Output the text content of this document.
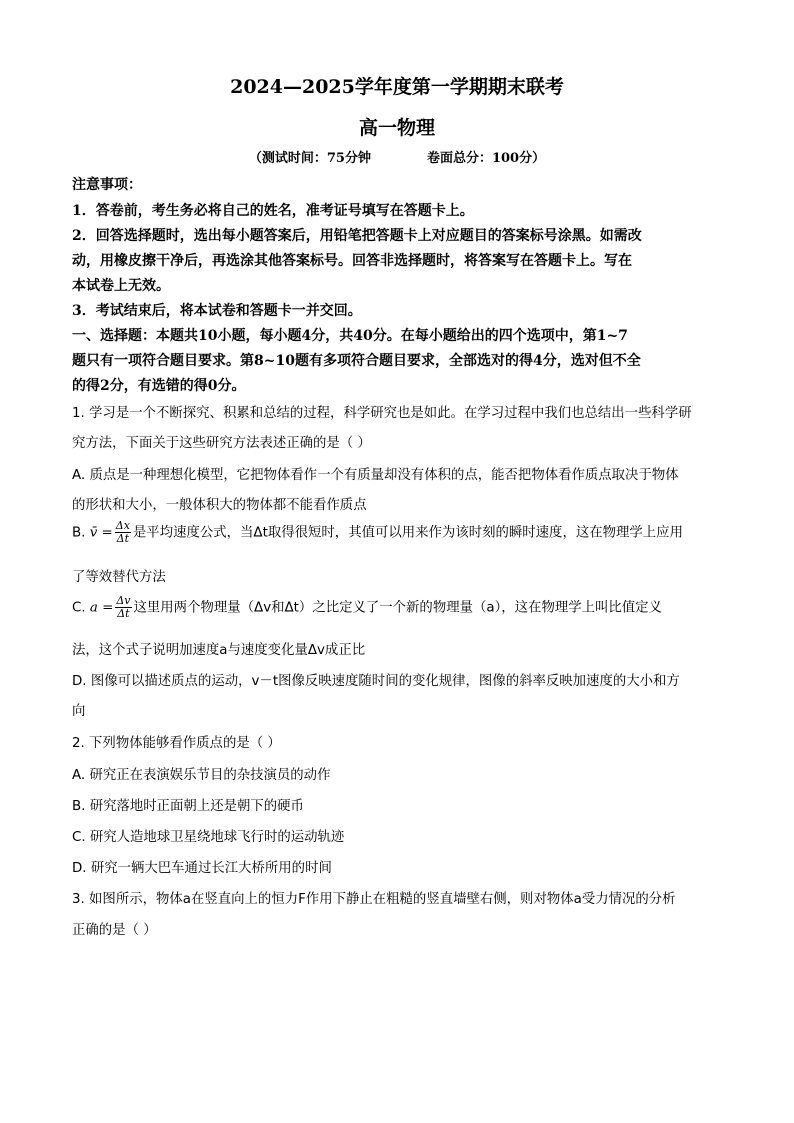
2024—2025学年度第一学期期末联考
高一物理
（测试时间：75分钟	卷面总分：100分）
注意事项：
1．答卷前，考生务必将自己的姓名，准考证号填写在答题卡上。
2．回答选择题时，选出每小题答案后，用铅笔把答题卡上对应题目的答案标号涂黑。如需改
动，用橡皮擦干净后，再选涂其他答案标号。回答非选择题时，将答案写在答题卡上。写在
本试卷上无效。
3．考试结束后，将本试卷和答题卡一并交回。
一、选择题：本题共10小题，每小题4分，共40分。在每小题给出的四个选项中，第1~7
题只有一项符合题目要求。第8~10题有多项符合题目要求，全部选对的得4分，选对但不全
的得2分，有选错的得0分。
1. 学习是一个不断探究、积累和总结的过程，科学研究也是如此。在学习过程中我们也总结出一些科学研
究方法，下面关于这些研究方法表述正确的是（ ）
A. 质点是一种理想化模型，它把物体看作一个有质量却没有体积的点，能否把物体看作质点取决于物体
的形状和大小，一般体积大的物体都不能看作质点
B. v̄ = $\frac{\Delta x}{\Delta t}$ 是平均速度公式，当Δt取得很短时，其值可以用来作为该时刻的瞬时速度，这在物理学上应用
了等效替代方法
C. $a = \frac{\Delta v}{\Delta t}$ 这里用两个物理量（Δv和Δt）之比定义了一个新的物理量（a），这在物理学上叫比值定义
法，这个式子说明加速度a与速度变化量Δv成正比
D. 图像可以描述质点的运动，v－t图像反映速度随时间的变化规律，图像的斜率反映加速度的大小和方
向
2. 下列物体能够看作质点的是（ ）
A. 研究正在表演娱乐节目的杂技演员的动作
B. 研究落地时正面朝上还是朝下的硬币
C. 研究人造地球卫星绕地球飞行时的运动轨迹
D. 研究一辆大巴车通过长江大桥所用的时间
3. 如图所示，物体a在竖直向上的恒力F作用下静止在粗糙的竖直墙壁右侧，则对物体a受力情况的分析
正确的是（ ）
